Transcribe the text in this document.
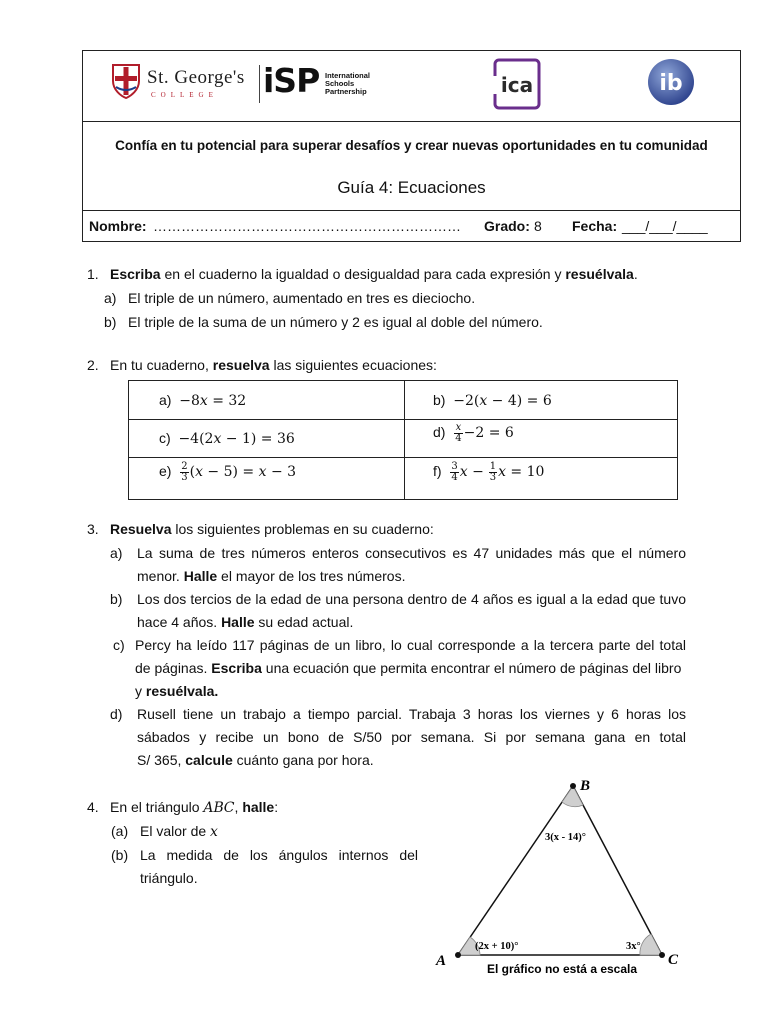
St. George's
COLLEGE iSP International
Schools
Partnership	ica	ib
Confía en tu potencial para superar desafíos y crear nuevas oportunidades en tu comunidad
Guía 4: Ecuaciones
Nombre: ………………………………………………………… Grado: 8 Fecha: ___/___/____
1. Escriba en el cuaderno la igualdad o desigualdad para cada expresión y resuélvala.
a) El triple de un número, aumentado en tres es dieciocho.
b) El triple de la suma de un número y 2 es igual al doble del número.
2. En tu cuaderno, resuelva las siguientes ecuaciones:
a) −8𝑥 = 32	b) −2(𝑥 − 4) = 6
c) −4(2𝑥 − 1) = 36	$d) \frac{\text{𝑥}}{4} -2 = 6$
$e) \frac{2}{3}$ (𝑥 − 5) = 𝑥 − 3	$f) \frac{3}{4}$ 𝑥 − $\frac{1}{3}$ 𝑥 = 10
3. Resuelva los siguientes problemas en su cuaderno:
a) La suma de tres números enteros consecutivos es 47 unidades más que el número
menor. Halle el mayor de los tres números.
b) Los dos tercios de la edad de una persona dentro de 4 años es igual a la edad que tuvo
hace 4 años. Halle su edad actual.
c) Percy ha leído 117 páginas de un libro, lo cual corresponde a la tercera parte del total
de páginas. Escriba una ecuación que permita encontrar el número de páginas del libro
y resuélvala.
d) Rusell tiene un trabajo a tiempo parcial. Trabaja 3 horas los viernes y 6 horas los
sábados y recibe un bono de S/50 por semana. Si por semana gana en total
S/ 365, calcule cuánto gana por hora.
4. En el triángulo 𝐴𝐵𝐶, halle:
(a) El valor de 𝑥
(b) La medida de los ángulos internos del
triángulo.
A
B
C
(2x + 10)°
3(x - 14)°
3x°
El gráfico no está a escala
